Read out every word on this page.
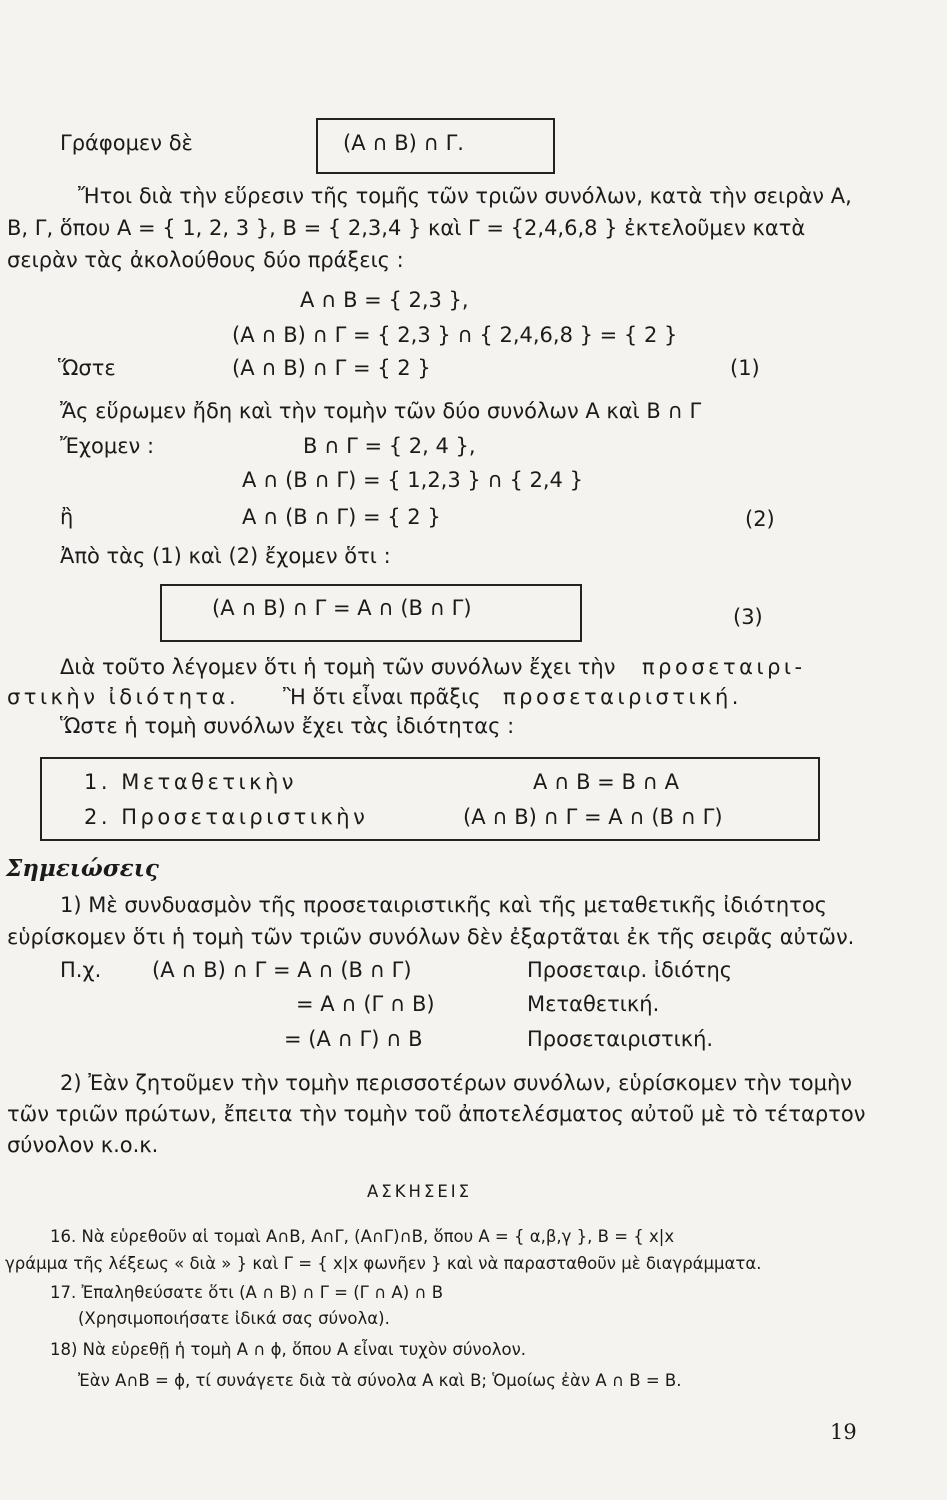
Γράφομεν δὲ	(A ∩ B) ∩ Γ.
Ἤτοι διὰ τὴν εὕρεσιν τῆς τομῆς τῶν τριῶν συνόλων, κατὰ τὴν σειρὰν A,
B, Γ, ὅπου A = { 1, 2, 3 }, B = { 2,3,4 } καὶ Γ = {2,4,6,8 } ἐκτελοῦμεν κατὰ
σειρὰν τὰς ἀκολούθους δύο πράξεις :
A ∩ B = { 2,3 },
(A ∩ B) ∩ Γ = { 2,3 } ∩ { 2,4,6,8 } = { 2 }
Ὥστε	(A ∩ B) ∩ Γ = { 2 }	(1)
Ἄς εὕρωμεν ἤδη καὶ τὴν τομὴν τῶν δύο συνόλων A καὶ B ∩ Γ
Ἔχομεν :	B ∩ Γ = { 2, 4 },
A ∩ (B ∩ Γ) = { 1,2,3 } ∩ { 2,4 }
ἢ	A ∩ (B ∩ Γ) = { 2 }	(2)
Ἀπὸ τὰς (1) καὶ (2) ἔχομεν ὅτι :
(A ∩ B) ∩ Γ = A ∩ (B ∩ Γ)	(3)
Διὰ τοῦτο λέγομεν ὅτι ἡ τομὴ τῶν συνόλων ἔχει τὴν προσεταιρι-
στικὴν ἰδιότητα. Ἢ ὅτι εἶναι πρᾶξις προσεταιριστική.
Ὥστε ἡ τομὴ συνόλων ἔχει τὰς ἰδιότητας :
1. Μεταθετικὴν	A ∩ B = B ∩ A
2. Προσεταιριστικὴν	(A ∩ B) ∩ Γ = A ∩ (B ∩ Γ)
Σημειώσεις
1) Μὲ συνδυασμὸν τῆς προσεταιριστικῆς καὶ τῆς μεταθετικῆς ἰδιότητος
εὑρίσκομεν ὅτι ἡ τομὴ τῶν τριῶν συνόλων δὲν ἐξαρτᾶται ἐκ τῆς σειρᾶς αὐτῶν.
Π.χ. (A ∩ B) ∩ Γ = A ∩ (B ∩ Γ)	Προσεταιρ. ἰδιότης
= A ∩ (Γ ∩ B)	Μεταθετική.
= (A ∩ Γ) ∩ B	Προσεταιριστική.
2) Ἐὰν ζητοῦμεν τὴν τομὴν περισσοτέρων συνόλων, εὑρίσκομεν τὴν τομὴν
τῶν τριῶν πρώτων, ἔπειτα τὴν τομὴν τοῦ ἀποτελέσματος αὐτοῦ μὲ τὸ τέταρτον
σύνολον κ.ο.κ.
ΑΣΚΗΣΕΙΣ
16. Νὰ εὑρεθοῦν αἱ τομαὶ A∩B, A∩Γ, (A∩Γ)∩B, ὅπου A = { α,β,γ }, B = { x|x
γράμμα τῆς λέξεως « διὰ » } καὶ Γ = { x|x φωνῆεν } καὶ νὰ παρασταθοῦν μὲ διαγράμματα.
17. Ἐπαληθεύσατε ὅτι (A ∩ B) ∩ Γ = (Γ ∩ A) ∩ B
(Χρησιμοποιήσατε ἰδικά σας σύνολα).
18) Νὰ εὑρεθῇ ἡ τομὴ A ∩ ϕ, ὅπου A εἶναι τυχὸν σύνολον.
Ἐὰν A∩B = ϕ, τί συνάγετε διὰ τὰ σύνολα A καὶ B; Ὁμοίως ἐὰν A ∩ B = B.
19
